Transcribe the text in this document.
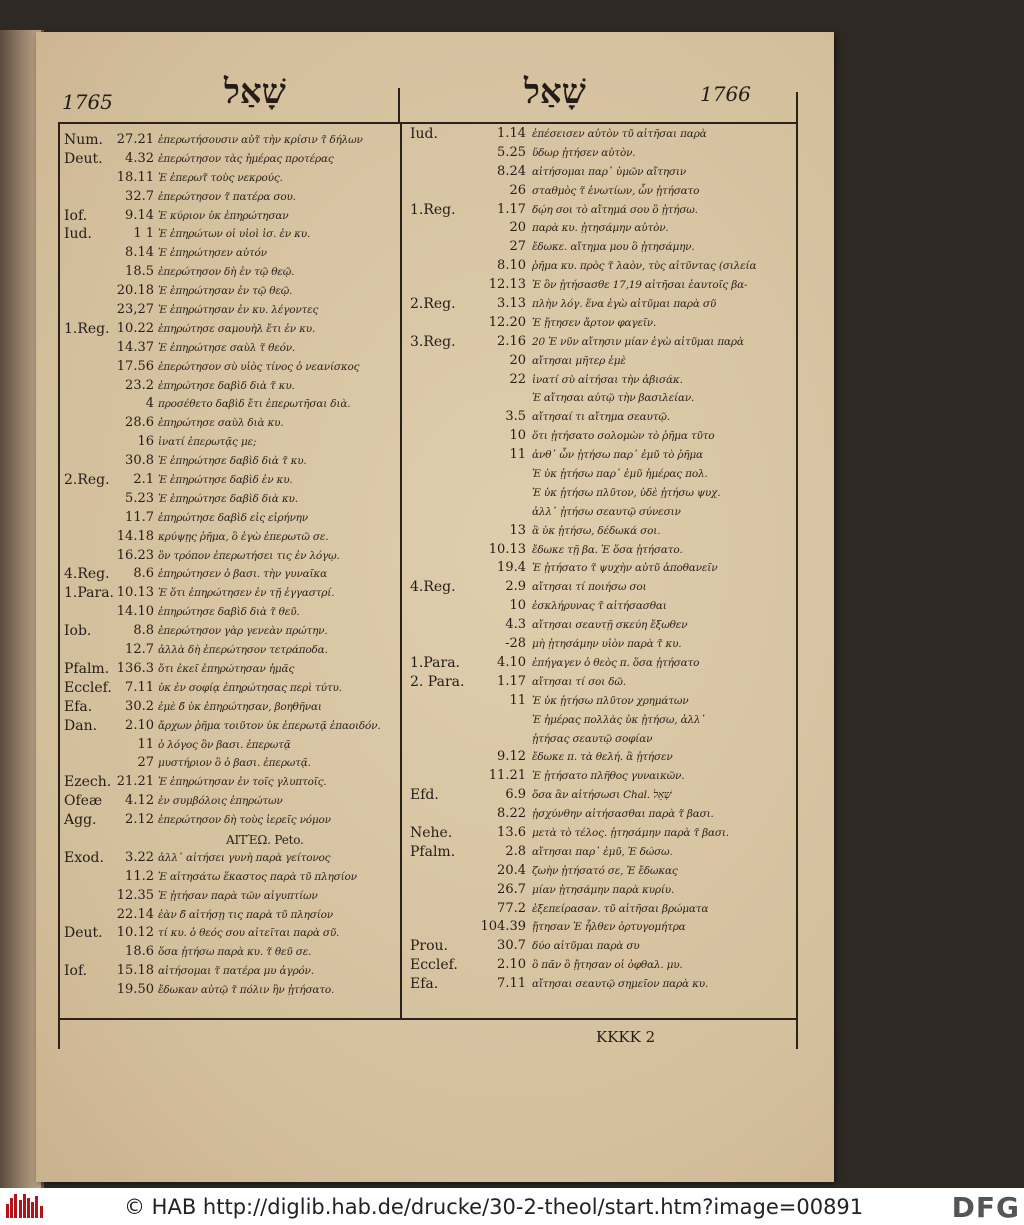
1765	שָׁאַל	שָׁאַל	1766
Num.	27.21 ἐπερωτήσουσιν αὐτ̃ τὴν κρίσιν τ̃ δήλων
Deut.	4.32 ἐπερώτησον τὰς ἡμέρας προτέρας
18.11 Ἐ ἐπερωτ̃ τοὺς νεκρούς.
32.7 ἐπερώτησον τ̃ πατέρα σου.
Iof.	9.14 Ἐ κύριον ὐκ ἐπηρώτησαν
Iud.	1 1 Ἐ ἐπηρώτων οἱ υἱοὶ ἰσ. ἐν κυ.
8.14 Ἐ ἐπηρώτησεν αὐτόν
18.5 ἐπερώτησον δὴ ἐν τῷ θεῷ.
20.18 Ἐ ἐπηρώτησαν ἐν τῷ θεῷ.
23,27 Ἐ ἐπηρώτησαν ἐν κυ. λέγοντες
1.Reg. 10.22 ἐπηρώτησε σαμουὴλ ἔτι ἐν κυ.
14.37 Ἐ ἐπηρώτησε σαὺλ τ̃ θεόν.
17.56 ἐπερώτησον σὺ υἱὸς τίνος ὁ νεανίσκος
23.2 ἐπηρώτησε δαβὶδ διὰ τ̃ κυ.
4 προσέθετο δαβὶδ ἔτι ἐπερωτῆσαι διὰ.
28.6 ἐπηρώτησε σαὺλ διὰ κυ.
16 ἱνατί ἐπερωτᾷς με;
30.8 Ἐ ἐπηρώτησε δαβὶδ διὰ τ̃ κυ.
2.Reg.	2.1 Ἐ ἐπηρώτησε δαβὶδ ἐν κυ.
5.23 Ἐ ἐπηρώτησε δαβὶδ διὰ κυ.
11.7 ἐπηρώτησε δαβὶδ εἰς εἰρήνην
14.18 κρύψῃς ῥῆμα, ὃ ἐγὼ ἐπερωτῶ σε.
16.23 ὃν τρόπον ἐπερωτήσει τις ἐν λόγῳ.
4.Reg.	8.6 ἐπηρώτησεν ὁ βασι. τὴν γυναῖκα
1.Para. 10.13 Ἐ ὅτι ἐπηρώτησεν ἐν τῇ ἐγγαστρί.
14.10 ἐπηρώτησε δαβὶδ διὰ τ̃ θεῦ.
Iob.	8.8 ἐπερώτησον γὰρ γενεὰν πρώτην.
12.7 ἀλλὰ δὴ ἐπερώτησον τετράποδα.
Pfalm. 136.3 ὅτι ἐκεῖ ἐπηρώτησαν ἡμᾶς
Ecclef.	7.11 ὐκ ἐν σοφίᾳ ἐπηρώτησας περὶ τύτυ.
Efa.	30.2 ἐμὲ δ̃ ὐκ ἐπηρώτησαν, βοηθῆναι
Dan.	2.10 ἄρχων ῥῆμα τοιῦτον ὐκ ἐπερωτᾷ ἐπαοιδόν.
11 ὁ λόγος ὃν βασι. ἐπερωτᾷ
27 μυστήριον ὃ ὁ βασι. ἐπερωτᾷ.
Ezech. 21.21 Ἐ ἐπηρώτησαν ἐν τοῖς γλυπτοῖς.
Ofeæ	4.12 ἐν συμβόλοις ἐπηρώτων
Agg.	2.12 ἐπερώτησον δὴ τοὺς ἱερεῖς νόμον
ΑΙΤΈΩ. Peto.
Exod.	3.22 ἀλλ᾽ αἰτήσει γυνὴ παρὰ γείτονος
11.2 Ἐ αἰτησάτω ἕκαστος παρὰ τῦ πλησίον
12.35 Ἐ ᾐτήσαν παρὰ τῶν αἰγυπτίων
22.14 ἐὰν δ̃ αἰτήσῃ τις παρὰ τῦ πλησίον
Deut.	10.12 τί κυ. ὁ θεός σου αἰτεῖται παρὰ σῦ.
18.6 ὅσα ᾐτήσω παρὰ κυ. τ̃ θεῦ σε.
Iof.	15.18 αἰτήσομαι τ̃ πατέρα μυ ἀγρόν.
19.50 ἔδωκαν αὐτῷ τ̃ πόλιν ἣν ᾐτήσατο.
Iud.	1.14 ἐπέσεισεν αὐτὸν τῦ αἰτῆσαι παρὰ
5.25 ὕδωρ ᾐτήσεν αὐτὸν.
8.24 αἰτήσομαι παρ᾽ ὑμῶν αἴτησιν
26 σταθμὸς τ̃ ἐνωτίων, ὧν ᾐτήσατο
1.Reg.	1.17 δῴη σοι τὸ αἴτημά σου ὃ ᾐτήσω.
20 παρὰ κυ. ᾐτησάμην αὐτὸν.
27 ἔδωκε. αἴτημα μου ὃ ᾐτησάμην.
8.10 ῥῆμα κυ. πρὸς τ̃ λαὸν, τὺς αἰτῦντας (σιλεία
12.13 Ἐ ὃν ᾐτήσασθε 17,19 αἰτῆσαι ἑαυτοῖς βα-
2.Reg.	3.13 πλὴν λόγ. ἕνα ἐγὼ αἰτῦμαι παρὰ σῦ
12.20 Ἐ ᾔτησεν ἄρτον φαγεῖν.
3.Reg.	2.16 20 Ἐ νῦν αἴτησιν μίαν ἐγὼ αἰτῦμαι παρὰ
20 αἴτησαι μῆτερ ἐμὲ
22 ἱνατί σὺ αἰτήσαι τὴν ἀβισάκ.
Ἐ αἴτησαι αὐτῷ τὴν βασιλείαν.
3.5 αἴτησαί τι αἴτημα σεαυτῷ.
10 ὅτι ᾐτήσατο σολομὼν τὸ ῥῆμα τῦτο
11 ἀνθ᾽ ὧν ᾐτήσω παρ᾽ ἐμῦ τὸ ῥῆμα
Ἐ ὐκ ᾐτήσω παρ᾽ ἐμῦ ἡμέρας πολ.
Ἐ ὐκ ᾐτήσω πλῦτον, ὐδὲ ᾐτήσω ψυχ.
ἀλλ᾽ ᾐτήσω σεαυτῷ σύνεσιν
13 ἃ ὐκ ᾐτήσω, δέδωκά σοι.
10.13 ἔδωκε τῇ βα. Ἐ ὅσα ᾐτήσατο.
19.4 Ἐ ᾐτήσατο τ̃ ψυχὴν αὐτῦ ἀποθανεῖν
4.Reg.	2.9 αἴτησαι τί ποιήσω σοι
10 ἐσκλήρυνας τ̃ αἰτήσασθαι
4.3 αἴτησαι σεαυτῇ σκεύη ἔξωθεν
-28 μὴ ᾐτησάμην υἱὸν παρὰ τ̃ κυ.
1.Para.	4.10 ἐπήγαγεν ὁ θεὸς π. ὅσα ᾐτήσατο
2. Para.	1.17 αἴτησαι τί σοι δῶ.
11 Ἐ ὐκ ᾐτήσω πλῦτον χρημάτων
Ἐ ἡμέρας πολλὰς ὐκ ᾐτήσω, ἀλλ᾽
ᾐτήσας σεαυτῷ σοφίαν
9.12 ἔδωκε π. τὰ θελή. ἃ ᾐτήσεν
11.21 Ἐ ᾐτήσατο πλῆθος γυναικῶν.
Efd.	6.9 ὅσα ἂν αἰτήσωσι Chal. שְׁאֵל
8.22 ᾐσχύνθην αἰτήσασθαι παρὰ τ̃ βασι.
Nehe.	13.6 μετὰ τὸ τέλος. ᾐτησάμην παρὰ τ̃ βασι.
Pfalm.	2.8 αἴτησαι παρ᾽ ἐμῦ, Ἐ δώσω.
20.4 ζωὴν ᾐτήσατό σε, Ἐ ἔδωκας
26.7 μίαν ᾐτησάμην παρὰ κυρίυ.
77.2 ἐξεπείρασαν. τῦ αἰτῆσαι βρώματα
104.39 ᾔτησαν Ἐ ἦλθεν ὀρτυγομήτρα
Prou.	30.7 δύο αἰτῦμαι παρὰ συ
Ecclef.	2.10 ὃ πᾶν ὃ ᾔτησαν οἱ ὀφθαλ. μυ.
Efa.	7.11 αἴτησαι σεαυτῷ σημεῖον παρὰ κυ.
KKKK 2
© HAB http://diglib.hab.de/drucke/30-2-theol/start.htm?image=00891	DFG
